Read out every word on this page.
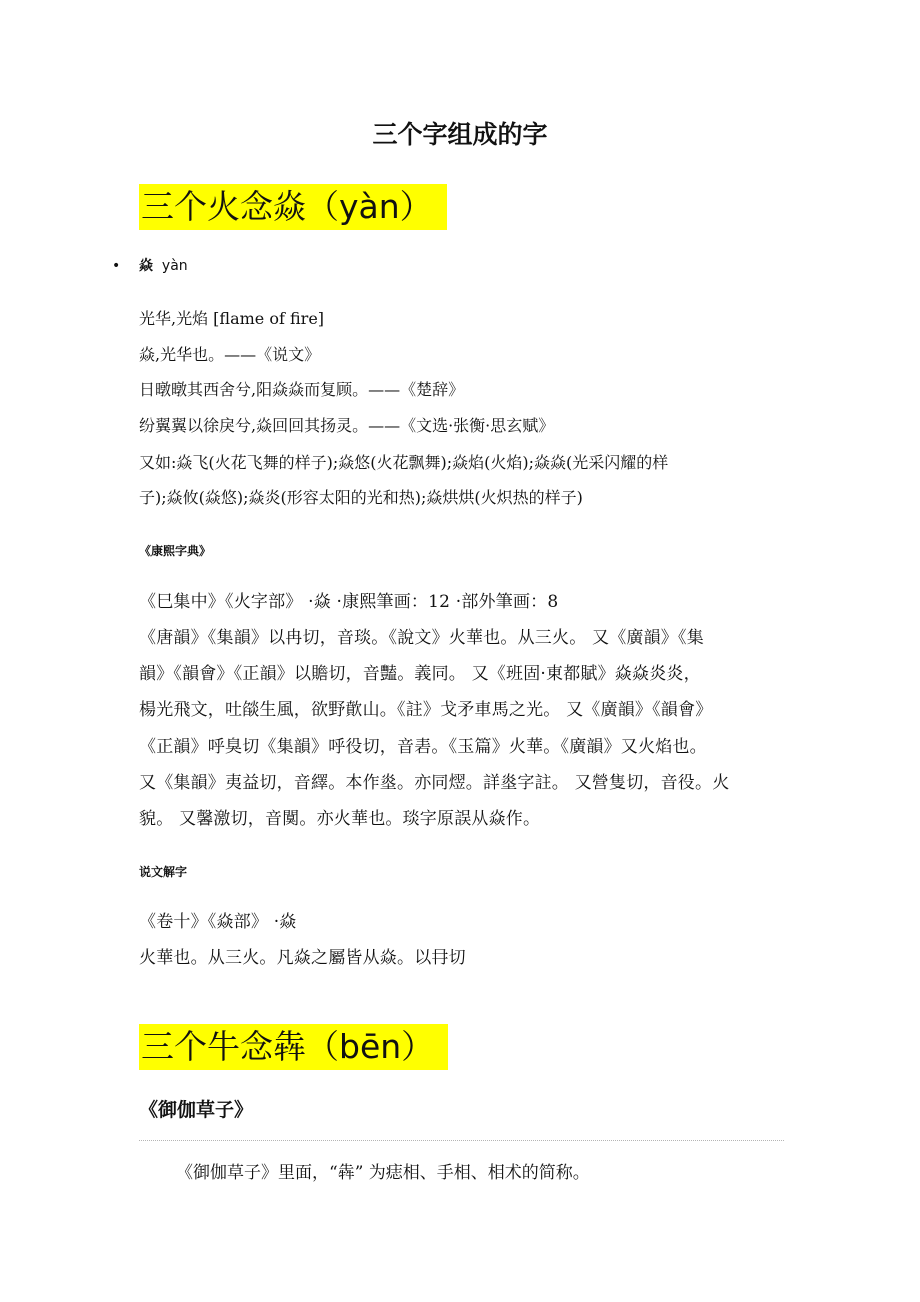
三个字组成的字
三个火念焱（yàn）
• 焱 yàn
光华,光焰 [flame of fire]
焱,光华也。——《说文》
日暾暾其西舍兮,阳焱焱而复顾。——《楚辞》
纷翼翼以徐戾兮,焱回回其扬灵。——《文选·张衡·思玄赋》
又如:焱飞(火花飞舞的样子);焱悠(火花飘舞);焱焰(火焰);焱焱(光采闪耀的样
子);焱攸(焱悠);焱炎(形容太阳的光和热);焱烘烘(火炽热的样子)
《康熙字典》
《巳集中》《火字部》 ·焱 ·康熙筆画：12 ·部外筆画：8
《唐韻》《集韻》以冉切，音琰。《說文》火華也。从三火。 又《廣韻》《集
韻》《韻會》《正韻》以贍切，音豔。義同。 又《班固·東都賦》焱焱炎炎，
楊光飛文，吐燄生風，欲野歕山。《註》戈矛車馬之光。 又《廣韻》《韻會》
《正韻》呼臭切《集韻》呼役切，音砉。《玉篇》火華。《廣韻》又火焰也。
又《集韻》夷益切，音繹。本作烾。亦同熤。詳烾字註。 又營隻切，音役。火
貌。 又馨激切，音闃。亦火華也。琰字原誤从焱作。
说文解字
《卷十》《焱部》 ·焱
火華也。从三火。凡焱之屬皆从焱。以冄切
三个牛念犇（bēn）
《御伽草子》
《御伽草子》里面，“犇” 为痣相、手相、相术的简称。
